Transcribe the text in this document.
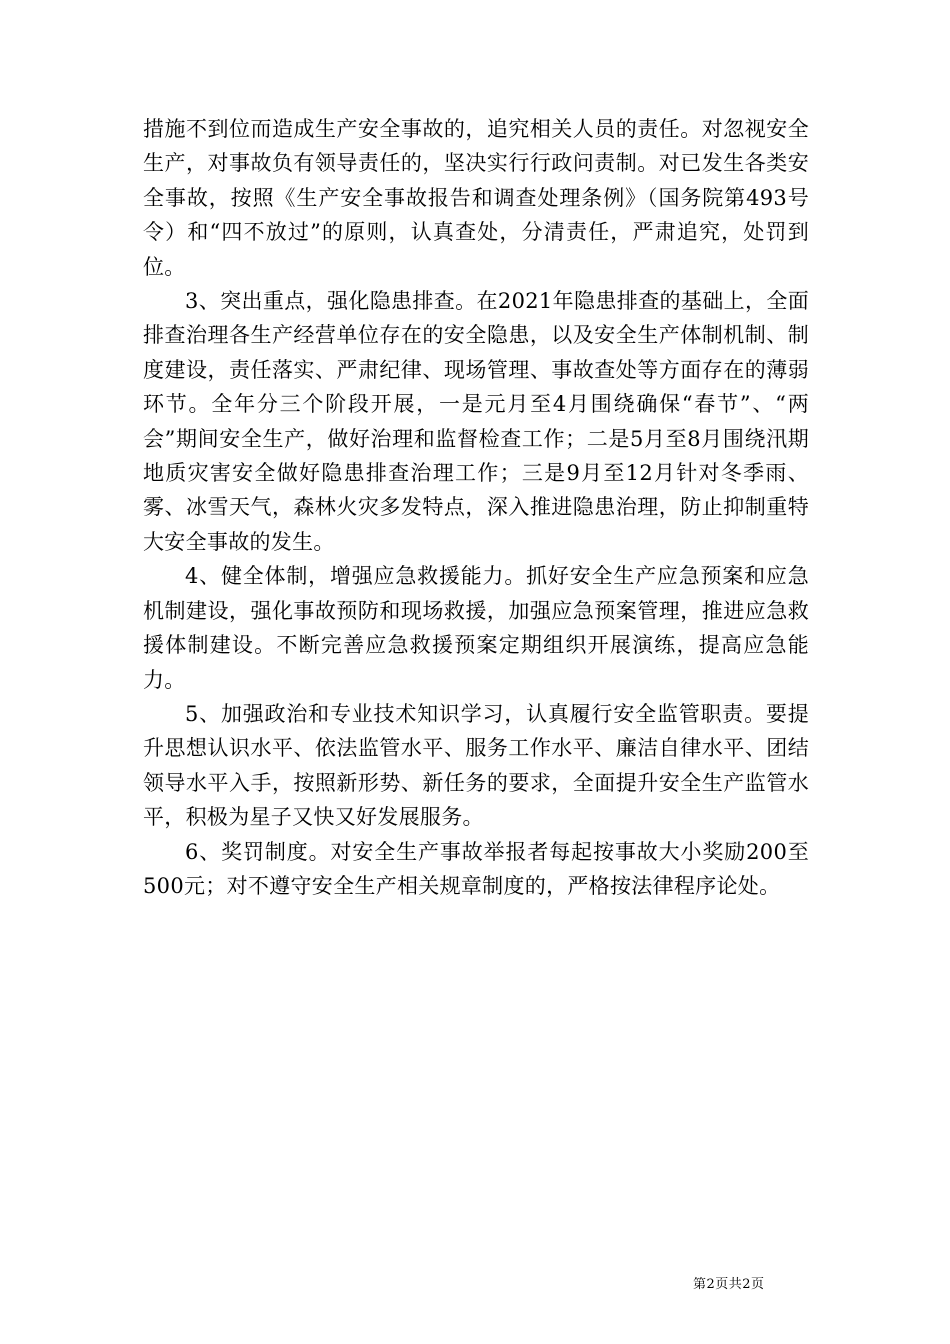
措施不到位而造成生产安全事故的，追究相关人员的责任。对忽视安全生产，对事故负有领导责任的，坚决实行行政问责制。对已发生各类安全事故，按照《生产安全事故报告和调查处理条例》（国务院第493号令）和“四不放过”的原则，认真查处，分清责任，严肃追究，处罚到位。

3、突出重点，强化隐患排查。在2021年隐患排查的基础上，全面排查治理各生产经营单位存在的安全隐患，以及安全生产体制机制、制度建设，责任落实、严肃纪律、现场管理、事故查处等方面存在的薄弱环节。全年分三个阶段开展，一是元月至4月围绕确保“春节”、“两会”期间安全生产，做好治理和监督检查工作；二是5月至8月围绕汛期地质灾害安全做好隐患排查治理工作；三是9月至12月针对冬季雨、雾、冰雪天气，森林火灾多发特点，深入推进隐患治理，防止抑制重特大安全事故的发生。

4、健全体制，增强应急救援能力。抓好安全生产应急预案和应急机制建设，强化事故预防和现场救援，加强应急预案管理，推进应急救援体制建设。不断完善应急救援预案定期组织开展演练，提高应急能力。

5、加强政治和专业技术知识学习，认真履行安全监管职责。要提升思想认识水平、依法监管水平、服务工作水平、廉洁自律水平、团结领导水平入手，按照新形势、新任务的要求，全面提升安全生产监管水平，积极为星子又快又好发展服务。

6、奖罚制度。对安全生产事故举报者每起按事故大小奖励200至500元；对不遵守安全生产相关规章制度的，严格按法律程序论处。

第2页共2页
